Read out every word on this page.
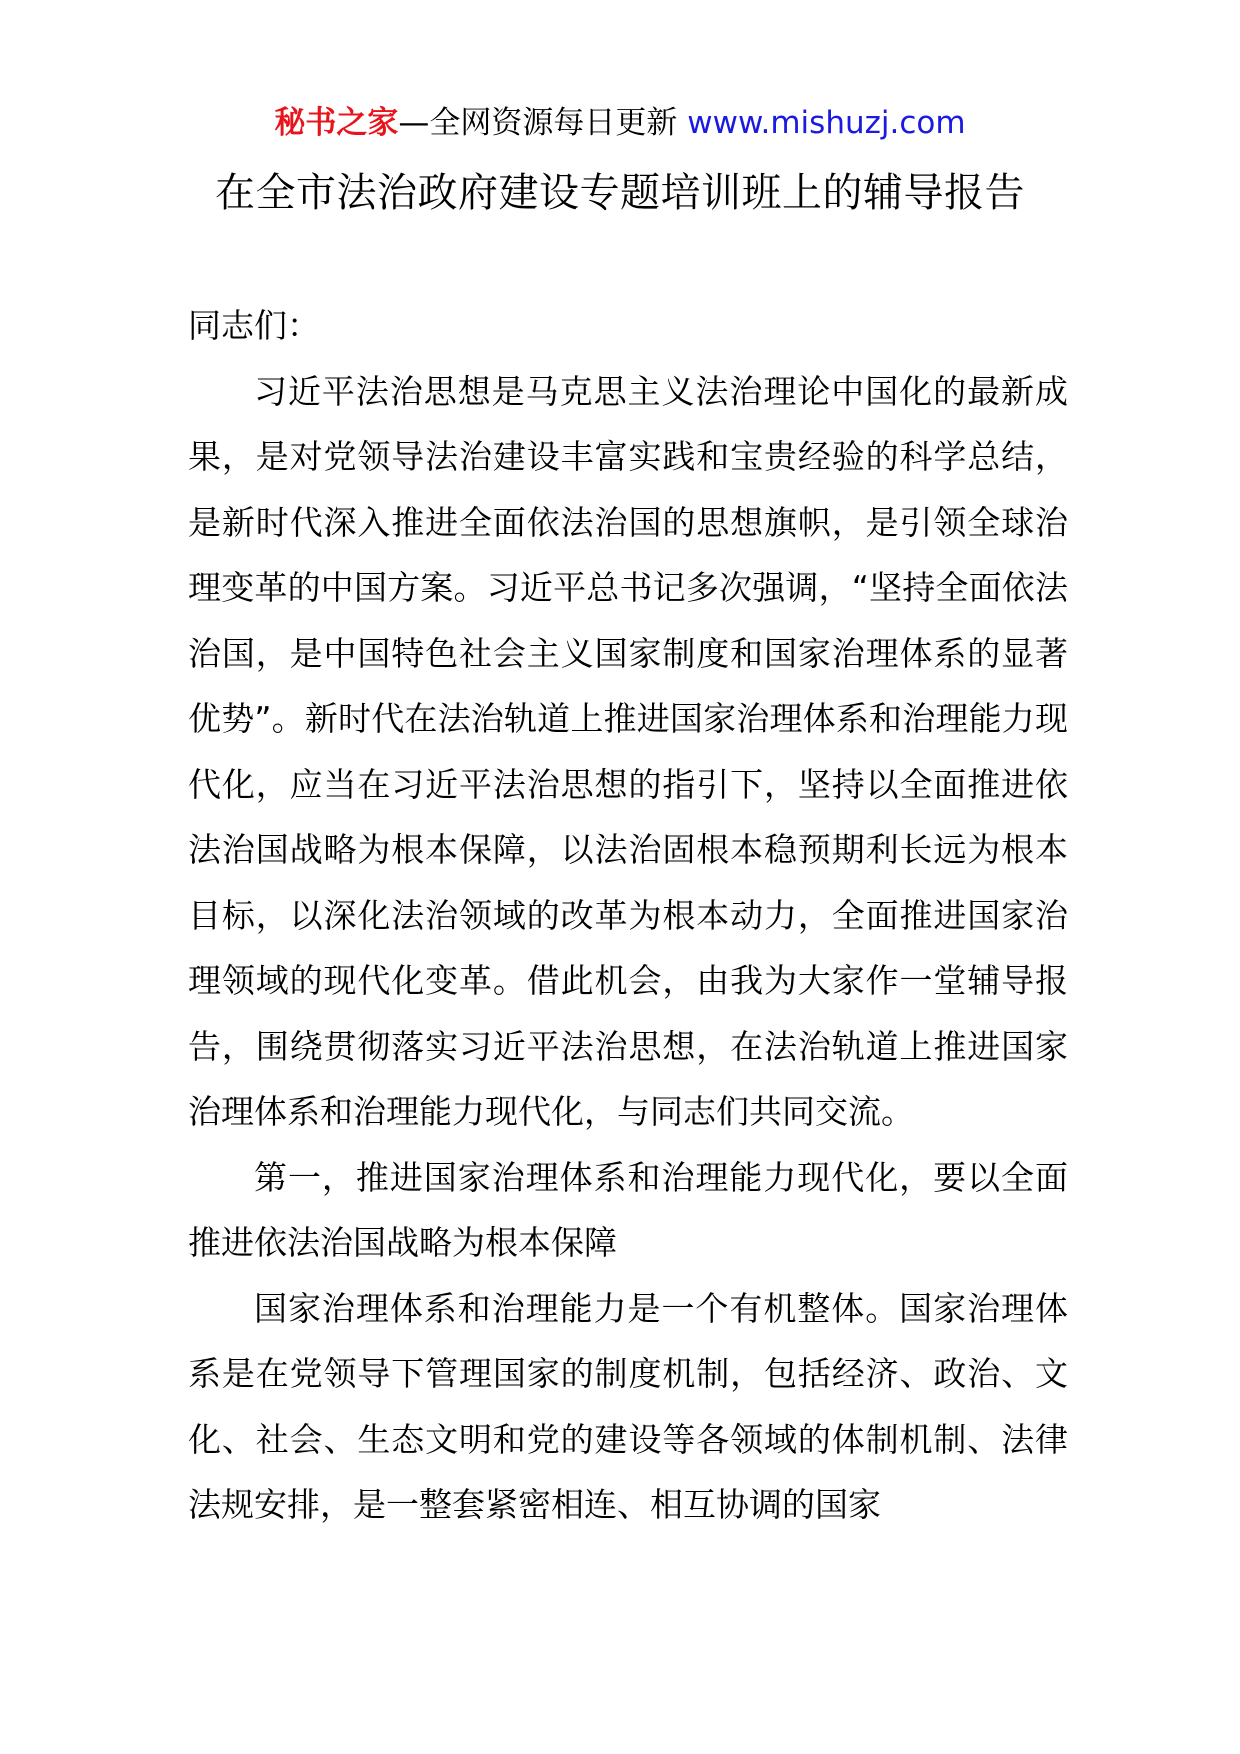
秘书之家—全网资源每日更新 www.mishuzj.com
在全市法治政府建设专题培训班上的辅导报告

同志们：

习近平法治思想是马克思主义法治理论中国化的最新成果，是对党领导法治建设丰富实践和宝贵经验的科学总结，是新时代深入推进全面依法治国的思想旗帜，是引领全球治理变革的中国方案。习近平总书记多次强调，“坚持全面依法治国，是中国特色社会主义国家制度和国家治理体系的显著优势”。新时代在法治轨道上推进国家治理体系和治理能力现代化，应当在习近平法治思想的指引下，坚持以全面推进依法治国战略为根本保障，以法治固根本稳预期利长远为根本目标，以深化法治领域的改革为根本动力，全面推进国家治理领域的现代化变革。借此机会，由我为大家作一堂辅导报告，围绕贯彻落实习近平法治思想，在法治轨道上推进国家治理体系和治理能力现代化，与同志们共同交流。

第一，推进国家治理体系和治理能力现代化，要以全面推进依法治国战略为根本保障

国家治理体系和治理能力是一个有机整体。国家治理体系是在党领导下管理国家的制度机制，包括经济、政治、文化、社会、生态文明和党的建设等各领域的体制机制、法律法规安排，是一整套紧密相连、相互协调的国家
